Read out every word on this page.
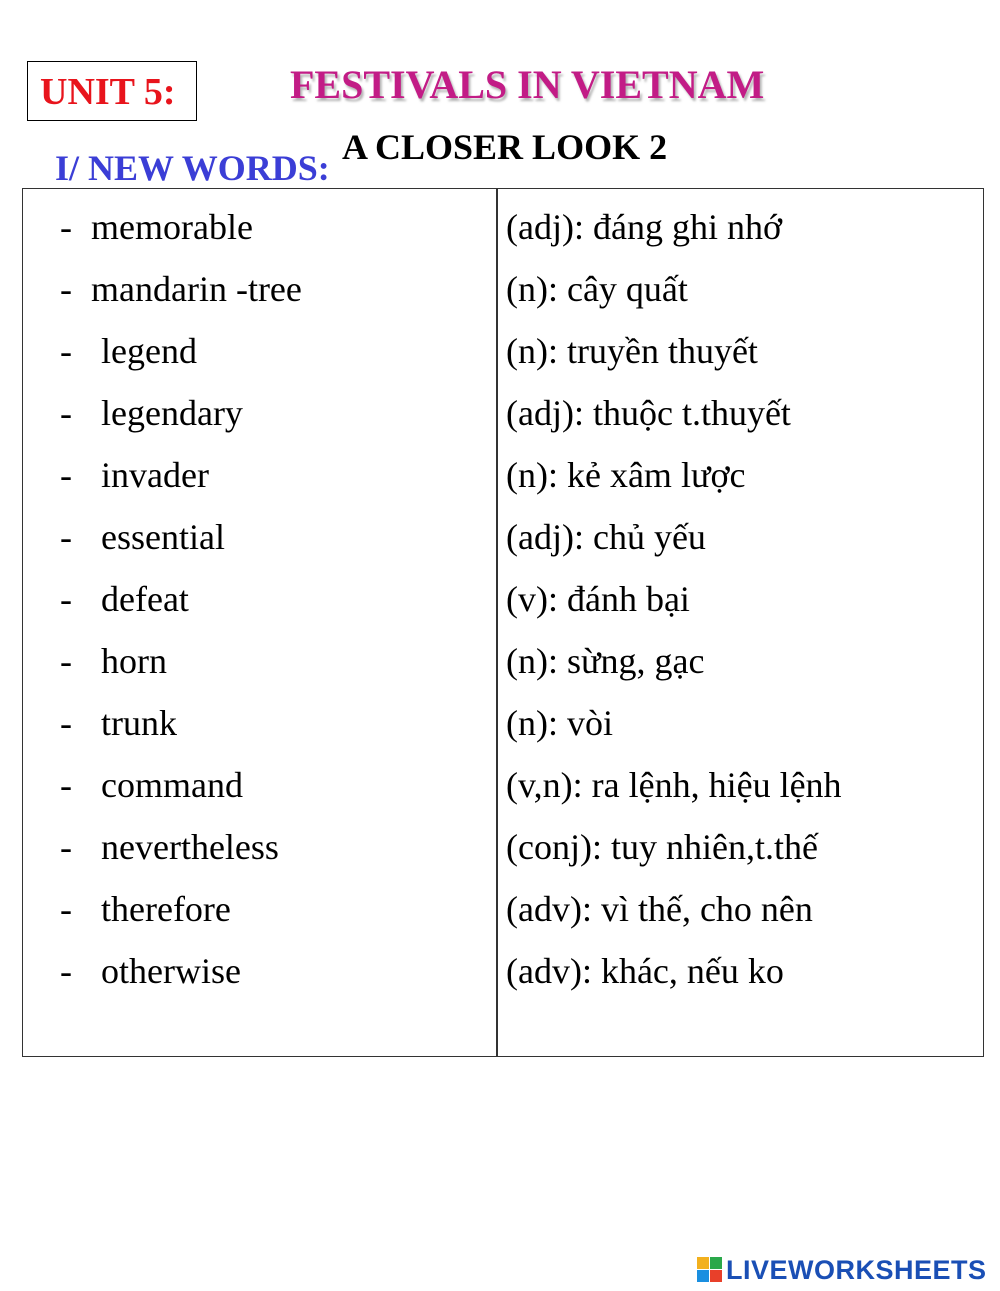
UNIT 5:	FESTIVALS IN VIETNAM
A CLOSER LOOK 2
I/ NEW WORDS:
- memorable	(adj): đáng ghi nhớ
- mandarin -tree	(n): cây quất
- legend	(n): truyền thuyết
- legendary	(adj): thuộc t.thuyết
- invader	(n): kẻ xâm lược
- essential	(adj): chủ yếu
- defeat	(v): đánh bại
- horn	(n): sừng, gạc
- trunk	(n): vòi
- command	(v,n): ra lệnh, hiệu lệnh
- nevertheless	(conj): tuy nhiên,t.thế
- therefore	(adv): vì thế, cho nên
- otherwise	(adv): khác, nếu ko
LIVEWORKSHEETS
